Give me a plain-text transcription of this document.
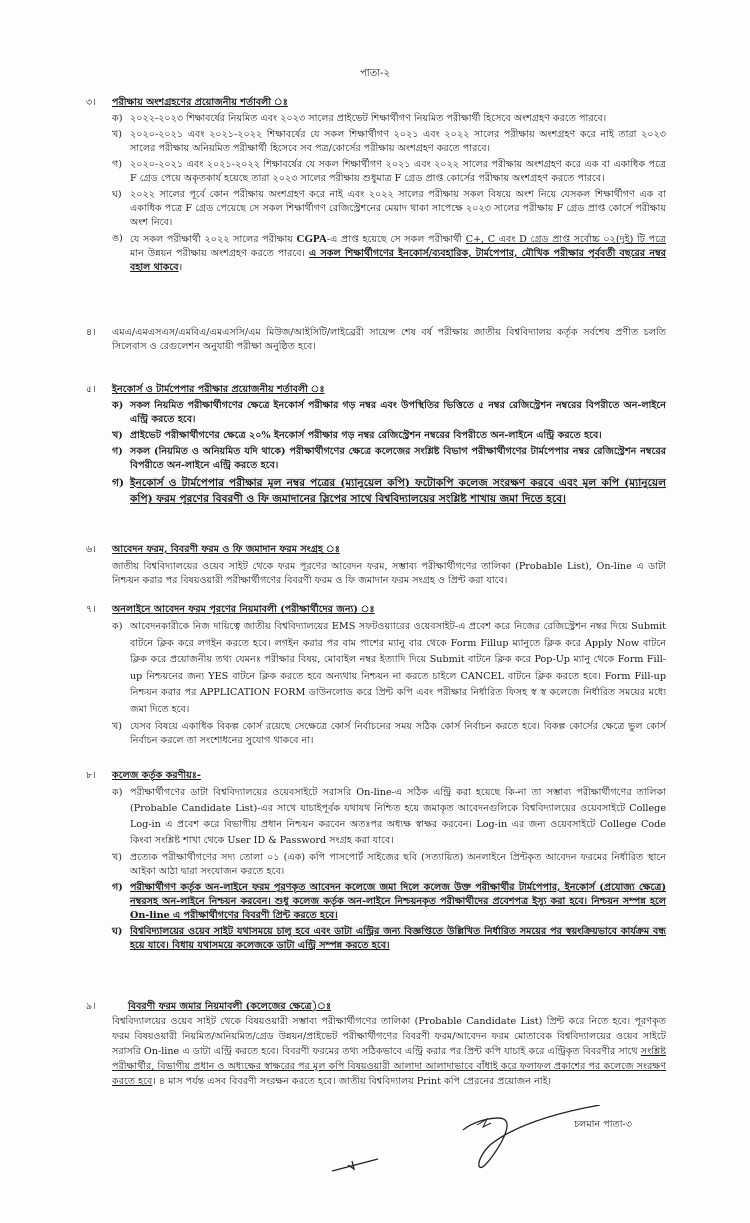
পাতা-২
৩।	পরীক্ষায় অংশগ্রহণের প্রয়োজনীয় শর্তাবলী ঃ
ক) ২০২২-২০২৩ শিক্ষাবর্ষের নিয়মিত এবং ২০২৩ সালের প্রাইভেট শিক্ষার্থীগণ নিয়মিত পরীক্ষার্থী হিসেবে অংশগ্রহণ করতে পারবে।
খ) ২০২০-২০২১ এবং ২০২১-২০২২ শিক্ষাবর্ষের যে সকল শিক্ষার্থীগণ ২০২১ এবং ২০২২ সালের পরীক্ষায় অংশগ্রহণ করে নাই তারা ২০২৩ সালের পরীক্ষায় অনিয়মিত পরীক্ষার্থী হিসেবে সব পত্র/কোর্সের পরীক্ষায় অংশগ্রহণ করতে পারবে।
গ) ২০২০-২০২১ এবং ২০২১-২০২২ শিক্ষাবর্ষের যে সকল শিক্ষার্থীগণ ২০২১ এবং ২০২২ সালের পরীক্ষায় অংশগ্রহণ করে এক বা একাধিক পত্রে F গ্রেড পেয়ে অকৃতকার্য হয়েছে তারা ২০২৩ সালের পরীক্ষায় শুধুমাত্র F গ্রেড প্রাপ্ত কোর্সের পরীক্ষায় অংশগ্রহণ করতে পারবে।
ঘ) ২০২২ সালের পূর্বে কোন পরীক্ষায় অংশগ্রহণ করে নাই এবং ২০২২ সালের পরীক্ষায় সকল বিষয়ে অংশ নিয়ে যেসকল শিক্ষার্থীগণ এক বা একাধিক পত্রে F গ্রেড পেয়েছে সে সকল শিক্ষার্থীগণ রেজিস্ট্রেশনের মেয়াদ থাকা সাপেক্ষে ২০২৩ সালের পরীক্ষায় F গ্রেড প্রাপ্ত কোর্সে পরীক্ষায় অংশ নিবে।
ঙ) যে সকল পরীক্ষার্থী ২০২২ সালের পরীক্ষায় CGPA-এ প্রাপ্ত হয়েছে সে সকল পরীক্ষার্থী C+, C এবং D গ্রেড প্রাপ্ত সর্বোচ্চ ০২(দুই) টি পত্রে মান উন্নয়ন পরীক্ষায় অংশগ্রহণ করতে পারবে। এ সকল শিক্ষার্থীগণের ইনকোর্স/ব্যবহারিক, টার্মপেপার, মৌখিক পরীক্ষার পূর্ববর্তী বছরের নম্বর বহাল থাকবে।
৪।	এমএ/এমএসএস/এমবিএ/এমএসসি/এম মিউজ/আইসিটি/লাইব্রেরী সায়েন্স শেষ বর্ষ পরীক্ষায় জাতীয় বিশ্ববিদ্যালয় কর্তৃক সর্বশেষ প্রণীত চলতি সিলেবাস ও রেগুলেশন অনুযায়ী পরীক্ষা অনুষ্ঠিত হবে।
৫।	ইনকোর্স ও টার্মপেপার পরীক্ষার প্রয়োজনীয় শর্তাবলী ঃ
ক) সকল নিয়মিত পরীক্ষার্থীগণের ক্ষেত্রে ইনকোর্স পরীক্ষার গড় নম্বর এবং উপস্থিতির ভিত্তিতে ৫ নম্বর রেজিস্ট্রেশন নম্বরের বিপরীতে অন-লাইনে এন্ট্রি করতে হবে।
খ) প্রাইভেট পরীক্ষার্থীগণের ক্ষেত্রে ২০% ইনকোর্স পরীক্ষার গড় নম্বর রেজিস্ট্রেশন নম্বরের বিপরীতে অন-লাইনে এন্ট্রি করতে হবে।
গ) সকল (নিয়মিত ও অনিয়মিত যদি থাকে) পরীক্ষার্থীগণের ক্ষেত্রে কলেজের সংশ্লিষ্ট বিভাগ পরীক্ষার্থীগণের টার্মপেপার নম্বর রেজিস্ট্রেশন নম্বরের বিপরীতে অন-লাইনে এন্ট্রি করতে হবে।
গ) ইনকোর্স ও টার্মপেপার পরীক্ষার মূল নম্বর পত্রের (ম্যানুয়েল কপি) ফটোকপি কলেজ সংরক্ষণ করবে এবং মূল কপি (ম্যানুয়েল কপি) ফরম পূরণের বিবরণী ও ফি জমাদানের স্লিপের সাথে বিশ্ববিদ্যালয়ের সংশ্লিষ্ট শাখায় জমা দিতে হবে।
৬।	আবেদন ফরম, বিবরণী ফরম ও ফি জমাদান ফরম সংগ্রহ ঃ
জাতীয় বিশ্ববিদ্যালয়ের ওয়েব সাইট থেকে ফরম পূরণের আবেদন ফরম, সম্ভাব্য পরীক্ষার্থীগণের তালিকা (Probable List), On-line এ ডাটা নিশ্চয়ন করার পর বিষয়ওয়ারী পরীক্ষার্থীগণের বিবরণী ফরম ও ফি জমাদান ফরম সংগ্রহ ও প্রিন্ট করা যাবে।
৭।	অনলাইনে আবেদন ফরম পূরণের নিয়মাবলী (পরীক্ষার্থীদের জন্য) ঃ
ক) আবেদনকারীকে নিজ দায়িত্বে জাতীয় বিশ্ববিদ্যালয়ের EMS সফটওয়্যারের ওয়েবসাইট-এ প্রবেশ করে নিজের রেজিস্ট্রেশন নম্বর দিয়ে Submit বাটনে ক্লিক করে লগইন করতে হবে। লগইন করার পর বাম পাশের ম্যানু বার থেকে Form Fillup ম্যানুতে ক্লিক করে Apply Now বাটনে ক্লিক করে প্রয়োজনীয় তথ্য যেমনঃ পরীক্ষার বিষয়, মোবাইল নম্বর ইত্যাদি দিয়ে Submit বাটনে ক্লিক করে Pop-Up ম্যানু থেকে Form Fill-up নিশ্চয়নের জন্য YES বাটনে ক্লিক করতে হবে অন্যথায় নিশ্চয়ন না করতে চাইলে CANCEL বাটনে ক্লিক করতে হবে। Form Fill-up নিশ্চয়ন করার পর APPLICATION FORM ডাউনলোড করে প্রিন্ট কপি এবং পরীক্ষার নির্ধারিত ফিসহ স্ব স্ব কলেজে নির্ধারিত সময়ের মধ্যে জমা দিতে হবে।
খ) যেসব বিষয়ে একাধিক বিকল্প কোর্স রয়েছে সেক্ষেত্রে কোর্স নির্বাচনের সময় সঠিক কোর্স নির্বাচন করতে হবে। বিকল্প কোর্সের ক্ষেত্রে ভুল কোর্স নির্বাচন করলে তা সংশোধনের সুযোগ থাকবে না।
৮।	কলেজ কর্তৃক করণীয়ঃ-
ক) পরীক্ষার্থীগণের ডাটা বিশ্ববিদ্যালয়ের ওয়েবসাইটে সরাসরি On-line-এ সঠিক এন্ট্রি করা হয়েছে কি-না তা সম্ভাব্য পরীক্ষার্থীগণের তালিকা (Probable Candidate List)-এর সাথে যাচাইপূর্বক যথাযথ নিশ্চিত হয়ে জমাকৃত আবেদনগুলিকে বিশ্ববিদ্যালয়ের ওয়েবসাইটে College Log-in এ প্রবেশ করে বিভাগীয় প্রধান নিশ্চয়ন করবেন অতঃপর অধ্যক্ষ স্বাক্ষর করবেন। Log-in এর জন্য ওয়েবসাইটে College Code কিংবা সংশ্লিষ্ট শাখা থেকে User ID & Password সংগ্রহ করা যাবে।
খ) প্রত্যেক পরীক্ষার্থীগণের সদ্য তোলা ০১ (এক) কপি পাসপোর্ট সাইজের ছবি (সত্যায়িত) অনলাইনে প্রিন্টকৃত আবেদন ফরমের নির্ধারিত স্থানে আইকা আঠা দ্বারা সংযোজন করতে হবে।
গ) পরীক্ষার্থীগণ কর্তৃক অন-লাইনে ফরম পূরণকৃত আবেদন কলেজে জমা দিলে কলেজ উক্ত পরীক্ষার্থীর টার্মপেপার, ইনকোর্স (প্রযোজ্য ক্ষেত্রে) নম্বরসহ অন-লাইনে নিশ্চয়ন করবেন। শুধু কলেজ কর্তৃক অন-লাইনে নিশ্চয়নকৃত পরীক্ষার্থীদের প্রবেশপত্র ইস্যু করা হবে। নিশ্চয়ন সম্পন্ন হলে On-line এ পরীক্ষার্থীগণের বিবরণী প্রিন্ট করতে হবে।
ঘ) বিশ্ববিদ্যালয়ের ওয়েব সাইট যথাসময়ে চালু হবে এবং ডাটা এন্ট্রির জন্য বিজ্ঞপ্তিতে উল্লিখিত নির্ধারিত সময়ের পর স্বয়ংক্রিয়ভাবে কার্যক্রম বন্ধ হয়ে যাবে। বিধায় যথাসময়ে কলেজকে ডাটা এন্ট্রি সম্পন্ন করতে হবে।
৯।	বিবরণী ফরম জমার নিয়মাবলী (কলেজের ক্ষেত্রে)ঃ
বিশ্ববিদ্যালয়ের ওয়েব সাইট থেকে বিষয়ওয়ারী সম্ভাব্য পরীক্ষার্থীগণের তালিকা (Probable Candidate List) প্রিন্ট করে নিতে হবে। পূরণকৃত ফরম বিষয়ওয়ারী নিয়মিত/অনিয়মিত/গ্রেড উন্নয়ন/প্রাইভেট পরীক্ষার্থীগণের বিবরণী ফরম/আবেদন ফরম মোতাবেক বিশ্ববিদ্যালয়ের ওয়েব সাইটে সরাসরি On-line এ ডাটা এন্ট্রি করতে হবে। বিবরণী ফরমের তথ্য সঠিকভাবে এন্ট্রি করার পর প্রিন্ট কপি যাচাই করে এন্ট্রিকৃত বিবরণীর সাথে সংশ্লিষ্ট পরীক্ষার্থীর, বিভাগীয় প্রধান ও অধ্যক্ষের স্বাক্ষরের পর মূল কপি বিষয়ওয়ারী আলাদা আলাদাভাবে বাঁধাই করে ফলাফল প্রকাশের পর কলেজে সংরক্ষণ করতে হবে। ৪ মাস পর্যন্ত এসব বিবরণী সংরক্ষন করতে হবে। জাতীয় বিশ্ববিদ্যালয় Print কপি প্রেরনের প্রয়োজন নাই।
চলমান পাতা-৩
